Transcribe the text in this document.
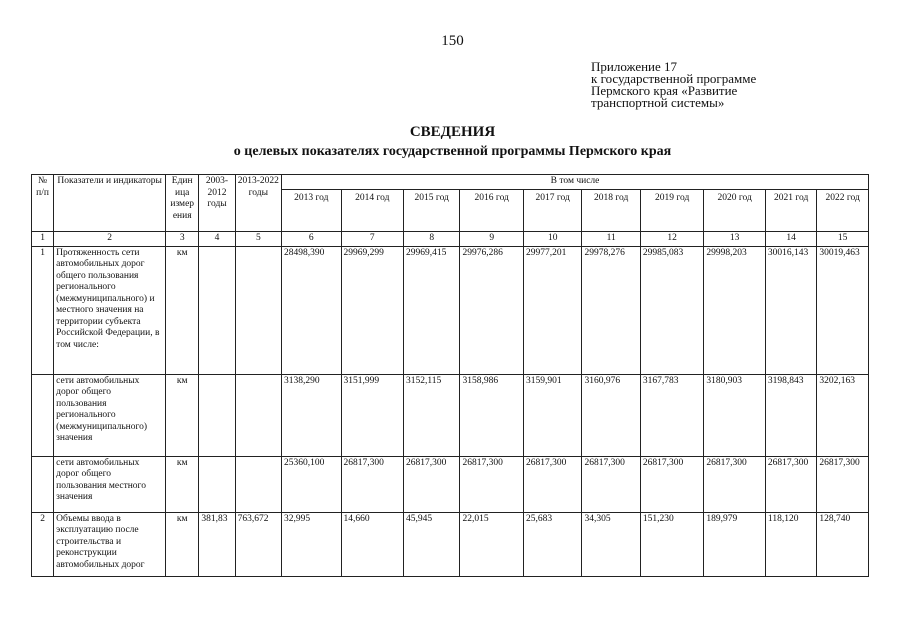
150
Приложение 17
к государственной программе
Пермского края «Развитие
транспортной системы»
СВЕДЕНИЯ
о целевых показателях государственной программы Пермского края
№ п/п	Показатели и индикаторы	Един ица измер ения	2003-2012 годы	2013-2022 годы	В том числе									
					2013 год	2014 год	2015 год	2016 год	2017 год	2018 год	2019 год	2020 год	2021 год	2022 год
1	2	3	4	5	6	7	8	9	10	11	12	13	14	15
1	Протяженность сети автомобильных дорог общего пользования регионального (межмуниципального) и местного значения на территории субъекта Российской Федерации, в том числе:	км			28498,390	29969,299	29969,415	29976,286	29977,201	29978,276	29985,083	29998,203	30016,143	30019,463
	сети автомобильных дорог общего пользования регионального (межмуниципального) значения	км			3138,290	3151,999	3152,115	3158,986	3159,901	3160,976	3167,783	3180,903	3198,843	3202,163
	сети автомобильных дорог общего пользования местного значения	км			25360,100	26817,300	26817,300	26817,300	26817,300	26817,300	26817,300	26817,300	26817,300	26817,300
2	Объемы ввода в эксплуатацию после строительства и реконструкции автомобильных дорог	км	381,83	763,672	32,995	14,660	45,945	22,015	25,683	34,305	151,230	189,979	118,120	128,740
